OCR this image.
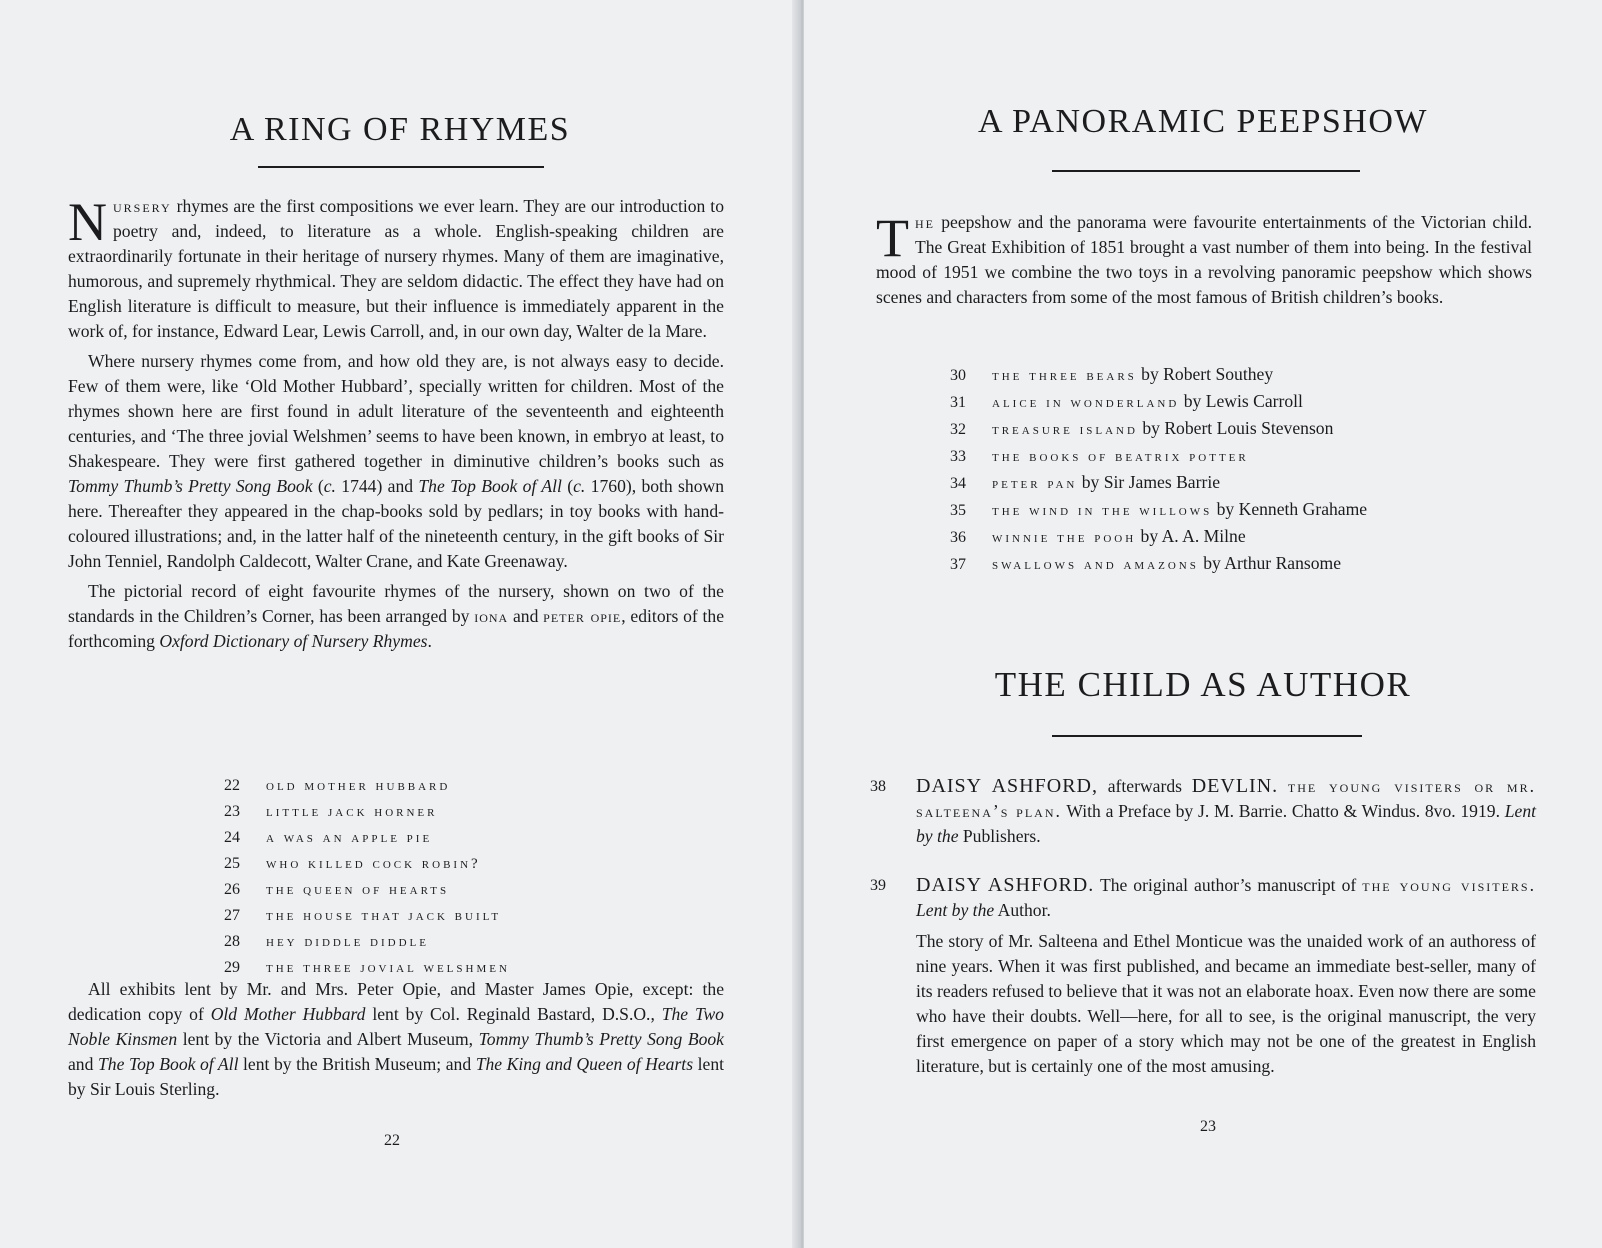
A RING OF RHYMES

Nursery rhymes are the first compositions we ever learn. They are our introduction to poetry and, indeed, to literature as a whole. English-speaking children are extraordinarily fortunate in their heritage of nursery rhymes. Many of them are imaginative, humorous, and supremely rhythmical. They are seldom didactic. The effect they have had on English literature is difficult to measure, but their influence is immediately apparent in the work of, for instance, Edward Lear, Lewis Carroll, and, in our own day, Walter de la Mare.

Where nursery rhymes come from, and how old they are, is not always easy to decide. Few of them were, like ‘Old Mother Hubbard’, specially written for children. Most of the rhymes shown here are first found in adult literature of the seventeenth and eighteenth centuries, and ‘The three jovial Welshmen’ seems to have been known, in embryo at least, to Shakespeare. They were first gathered together in diminutive children’s books such as Tommy Thumb’s Pretty Song Book (c. 1744) and The Top Book of All (c. 1760), both shown here. Thereafter they appeared in the chap-books sold by pedlars; in toy books with hand-coloured illustrations; and, in the latter half of the nineteenth century, in the gift books of Sir John Tenniel, Randolph Caldecott, Walter Crane, and Kate Greenaway.

The pictorial record of eight favourite rhymes of the nursery, shown on two of the standards in the Children’s Corner, has been arranged by iona and peter opie, editors of the forthcoming Oxford Dictionary of Nursery Rhymes.

22 old mother hubbard
23 little jack horner
24 a was an apple pie
25 who killed cock robin?
26 the queen of hearts
27 the house that jack built
28 hey diddle diddle
29 the three jovial welshmen

All exhibits lent by Mr. and Mrs. Peter Opie, and Master James Opie, except: the dedication copy of Old Mother Hubbard lent by Col. Reginald Bastard, D.S.O., The Two Noble Kinsmen lent by the Victoria and Albert Museum, Tommy Thumb’s Pretty Song Book and The Top Book of All lent by the British Museum; and The King and Queen of Hearts lent by Sir Louis Sterling.

22
A PANORAMIC PEEPSHOW

The peepshow and the panorama were favourite entertainments of the Victorian child. The Great Exhibition of 1851 brought a vast number of them into being. In the festival mood of 1951 we combine the two toys in a revolving panoramic peepshow which shows scenes and characters from some of the most famous of British children’s books.

30 the three bears by Robert Southey
31 alice in wonderland by Lewis Carroll
32 treasure island by Robert Louis Stevenson
33 the books of beatrix potter
34 peter pan by Sir James Barrie
35 the wind in the willows by Kenneth Grahame
36 winnie the pooh by A. A. Milne
37 swallows and amazons by Arthur Ransome
THE CHILD AS AUTHOR
38 DAISY ASHFORD, afterwards DEVLIN. the young visiters or mr. salteena’s plan. With a Preface by J. M. Barrie. Chatto & Windus. 8vo. 1919. Lent by the Publishers.
39 DAISY ASHFORD. The original author’s manuscript of the young visiters. Lent by the Author.
The story of Mr. Salteena and Ethel Monticue was the unaided work of an authoress of nine years. When it was first published, and became an immediate best-seller, many of its readers refused to believe that it was not an elaborate hoax. Even now there are some who have their doubts. Well—here, for all to see, is the original manuscript, the very first emergence on paper of a story which may not be one of the greatest in English literature, but is certainly one of the most amusing.
23
